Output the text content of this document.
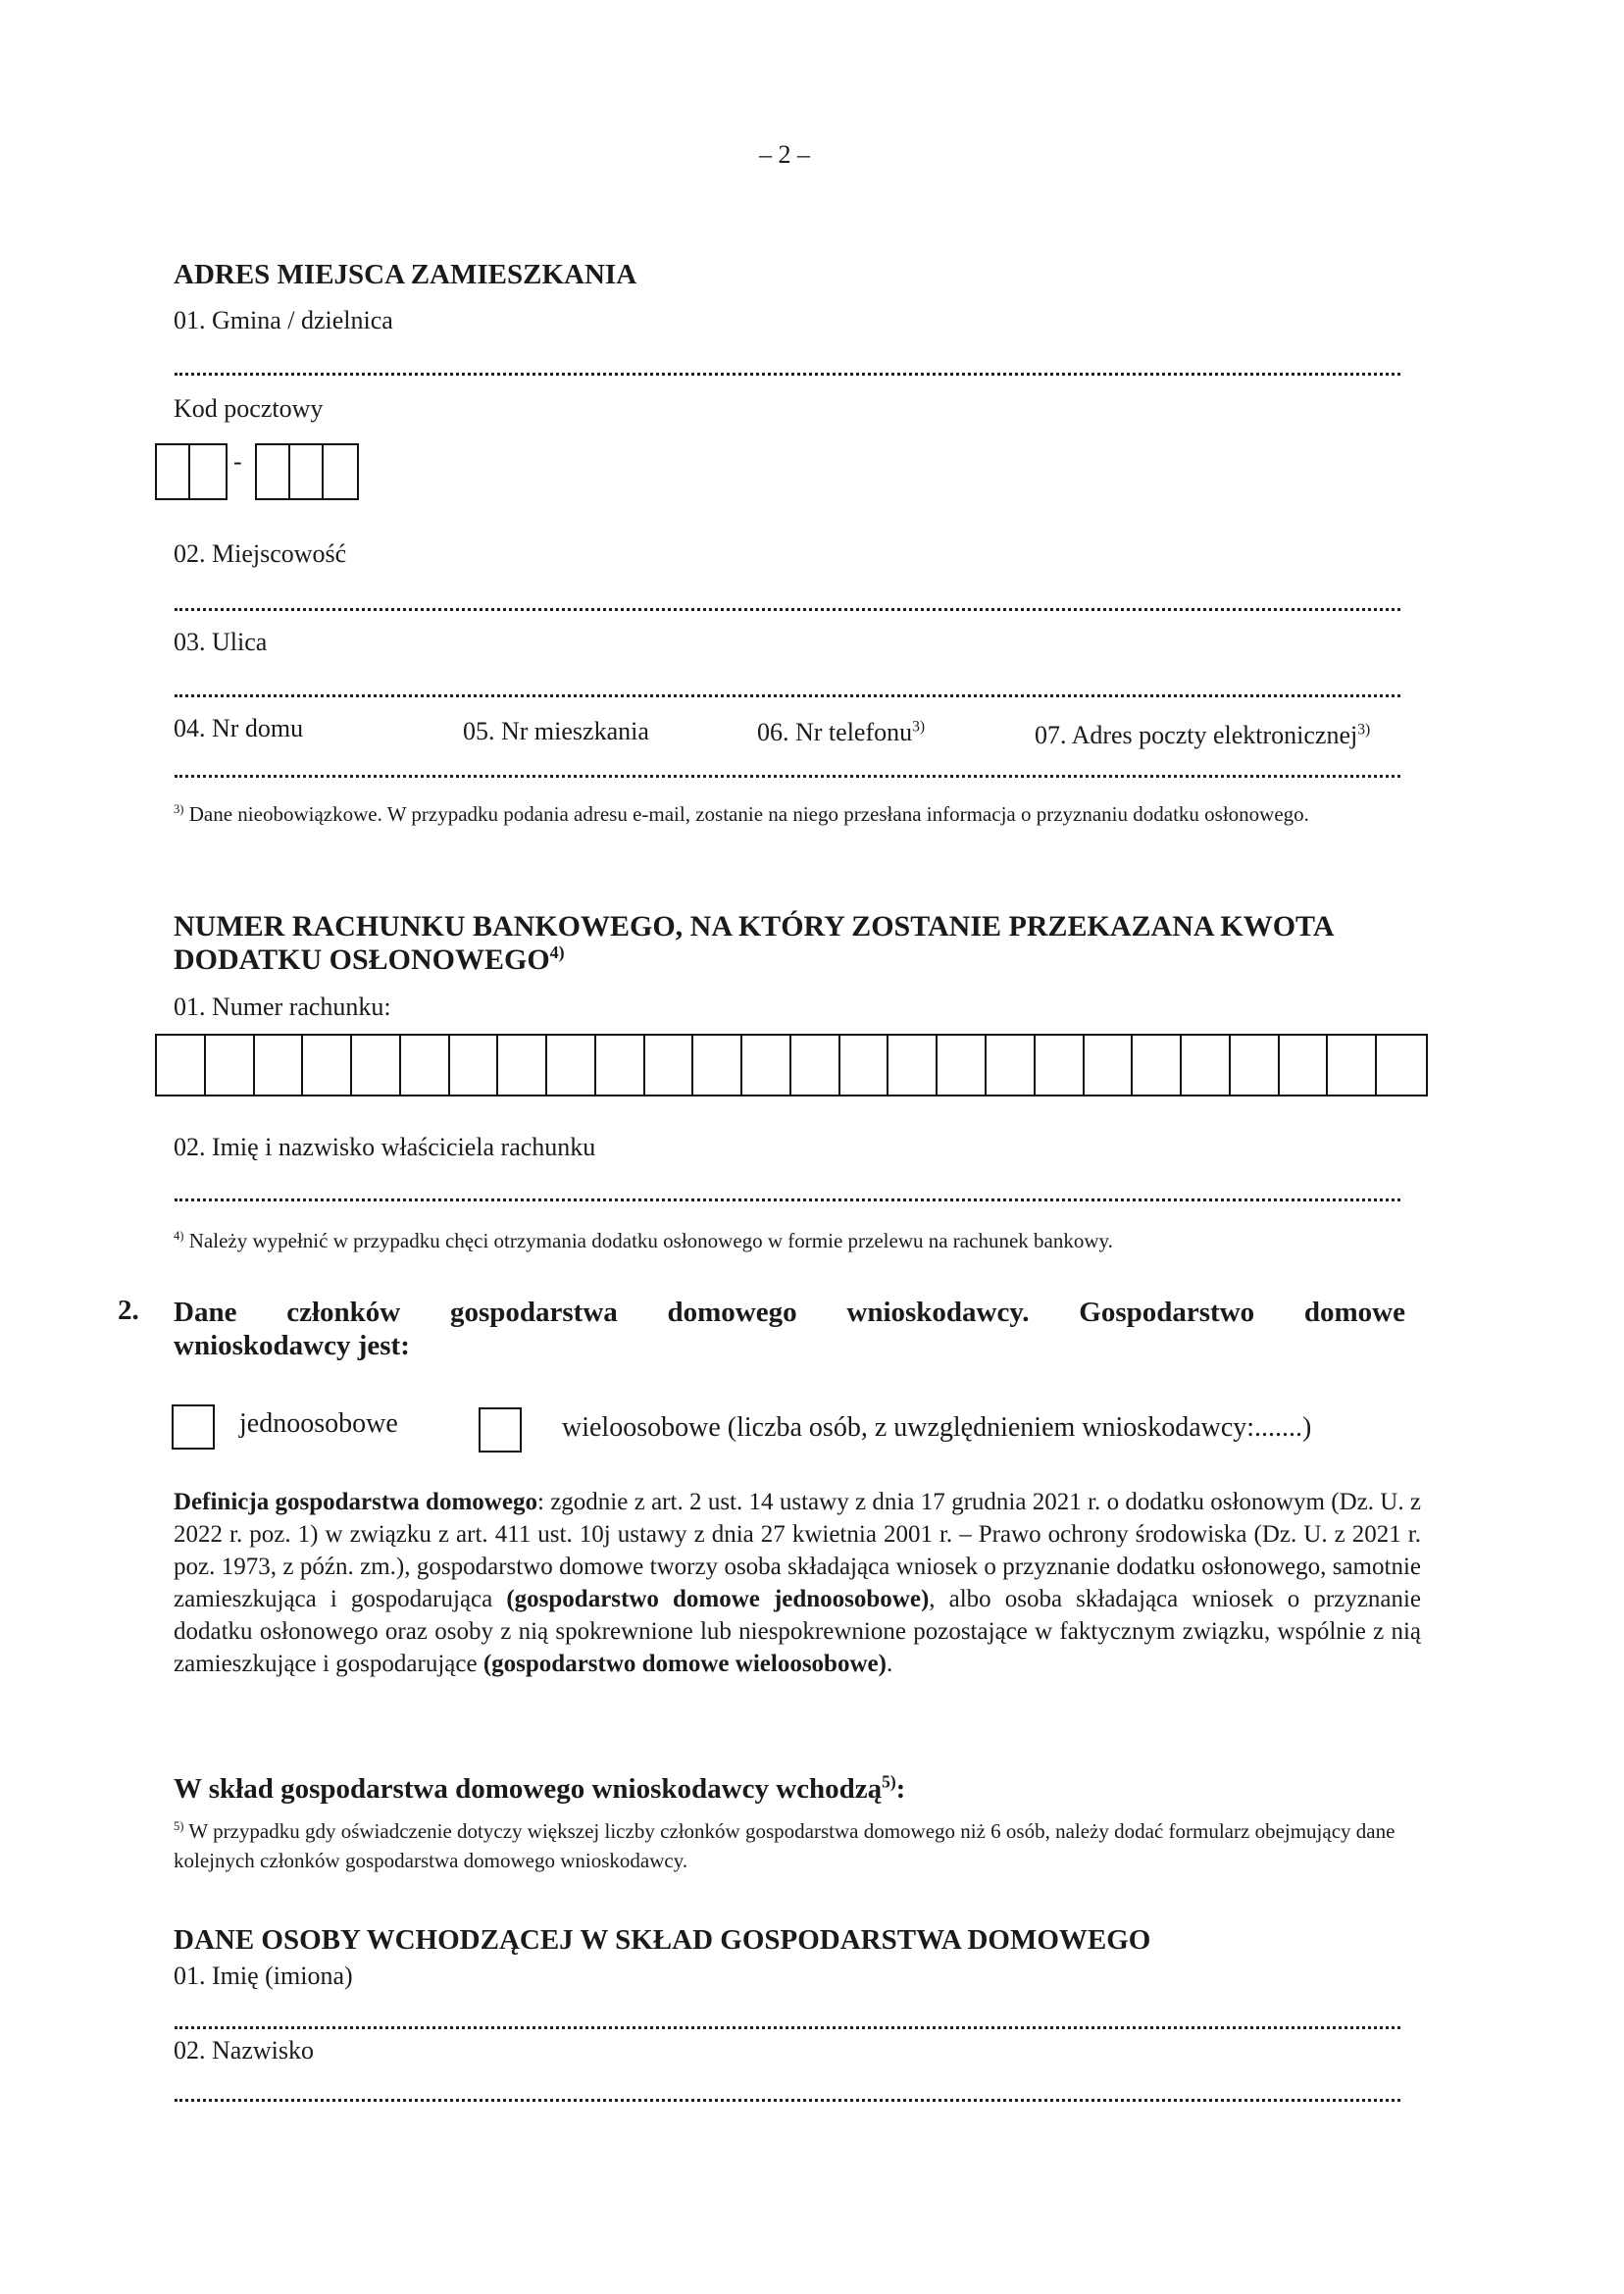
– 2 –
ADRES MIEJSCA ZAMIESZKANIA
01. Gmina / dzielnica
Kod pocztowy
-
02. Miejscowość
03. Ulica
04. Nr domu	05. Nr mieszkania	06. Nr telefonu$^{3)}$	07. Adres poczty elektronicznej$^{3)}$
$^{3)}$ Dane nieobowiązkowe. W przypadku podania adresu e-mail, zostanie na niego przesłana informacja o przyznaniu dodatku osłonowego.
NUMER RACHUNKU BANKOWEGO, NA KTÓRY ZOSTANIE PRZEKAZANA KWOTA
DODATKU OSŁONOWEGO$^{4)}$
01. Numer rachunku:
02. Imię i nazwisko właściciela rachunku
$^{4)}$ Należy wypełnić w przypadku chęci otrzymania dodatku osłonowego w formie przelewu na rachunek bankowy.
2. Dane członków gospodarstwa domowego wnioskodawcy. Gospodarstwo domowe
wnioskodawcy jest:
jednoosobowe	wieloosobowe (liczba osób, z uwzględnieniem wnioskodawcy:.......)
Definicja gospodarstwa domowego: zgodnie z art. 2 ust. 14 ustawy z dnia 17 grudnia 2021 r. o dodatku osłonowym (Dz. U. z 2022 r. poz. 1) w związku z art. 411 ust. 10j ustawy z dnia 27 kwietnia 2001 r. – Prawo ochrony środowiska (Dz. U. z 2021 r. poz. 1973, z późn. zm.), gospodarstwo domowe tworzy osoba składająca wniosek o przyznanie dodatku osłonowego, samotnie zamieszkująca i gospodarująca (gospodarstwo domowe jednoosobowe), albo osoba składająca wniosek o przyznanie dodatku osłonowego oraz osoby z nią spokrewnione lub niespokrewnione pozostające w faktycznym związku, wspólnie z nią zamieszkujące i gospodarujące (gospodarstwo domowe wieloosobowe).
W skład gospodarstwa domowego wnioskodawcy wchodzą$^{5)}$:
$^{5)}$ W przypadku gdy oświadczenie dotyczy większej liczby członków gospodarstwa domowego niż 6 osób, należy dodać formularz obejmujący dane kolejnych członków gospodarstwa domowego wnioskodawcy.
DANE OSOBY WCHODZĄCEJ W SKŁAD GOSPODARSTWA DOMOWEGO
01. Imię (imiona)
02. Nazwisko
